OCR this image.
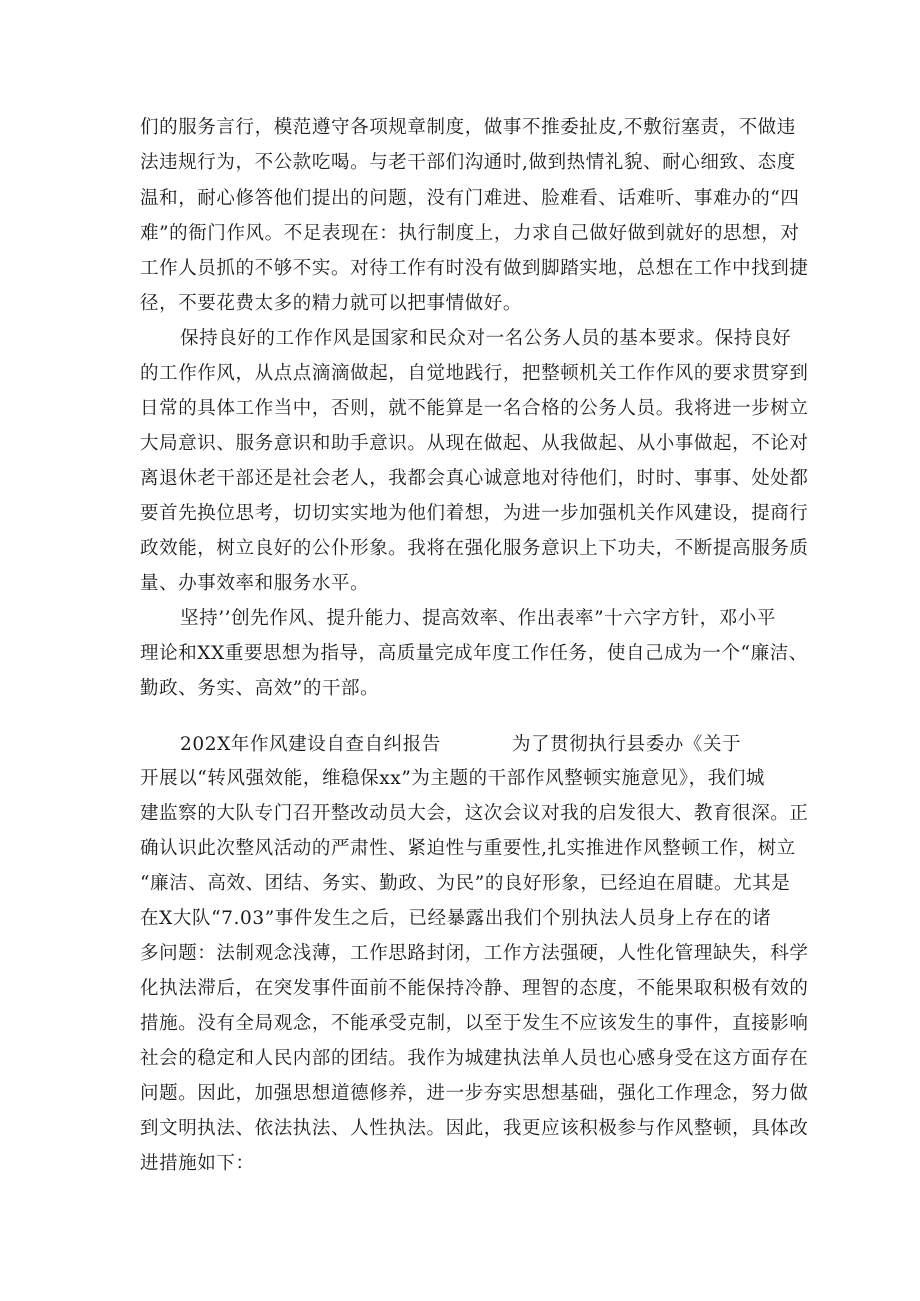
们的服务言行，模范遵守各项规章制度，做事不推委扯皮,不敷衍塞责，不做违
法违规行为，不公款吃喝。与老干部们沟通时,做到热情礼貌、耐心细致、态度
温和，耐心修答他们提出的问题，没有门难进、脸难看、话难听、事难办的“四
难”的衙门作风。不足表现在：执行制度上，力求自己做好做到就好的思想，对
工作人员抓的不够不实。对待工作有时没有做到脚踏实地，总想在工作中找到捷
径，不要花费太多的精力就可以把事情做好。
保持良好的工作作风是国家和民众对一名公务人员的基本要求。保持良好
的工作作风，从点点滴滴做起，自觉地践行，把整顿机关工作作风的要求贯穿到
日常的具体工作当中，否则，就不能算是一名合格的公务人员。我将进一步树立
大局意识、服务意识和助手意识。从现在做起、从我做起、从小事做起，不论对
离退休老干部还是社会老人，我都会真心诚意地对待他们，时时、事事、处处都
要首先换位思考，切切实实地为他们着想，为进一步加强机关作风建设，提商行
政效能，树立良好的公仆形象。我将在强化服务意识上下功夫，不断提高服务质
量、办事效率和服务水平。
坚持’’创先作风、提升能力、提高效率、作出表率”十六字方针，邓小平
理论和XX重要思想为指导，高质量完成年度工作任务，使自己成为一个“廉洁、
勤政、务实、高效”的干部。
202X年作风建设自查自纠报告	为了贯彻执行县委办《关于
开展以“转风强效能，维稳保xx”为主题的干部作风整顿实施意见》，我们城
建监察的大队专门召开整改动员大会，这次会议对我的启发很大、教育很深。正
确认识此次整风活动的严肃性、紧迫性与重要性,扎实推进作风整顿工作，树立
“廉洁、高效、团结、务实、勤政、为民”的良好形象，已经迫在眉睫。尤其是
在X大队“7.03”事件发生之后，已经暴露出我们个别执法人员身上存在的诸
多问题：法制观念浅薄，工作思路封闭，工作方法强硬，人性化管理缺失，科学
化执法滞后，在突发事件面前不能保持冷静、理智的态度，不能果取积极有效的
措施。没有全局观念，不能承受克制，以至于发生不应该发生的事件，直接影响
社会的稳定和人民内部的团结。我作为城建执法单人员也心感身受在这方面存在
问题。因此，加强思想道德修养，进一步夯实思想基础，强化工作理念，努力做
到文明执法、依法执法、人性执法。因此，我更应该积极参与作风整顿，具体改
进措施如下：
